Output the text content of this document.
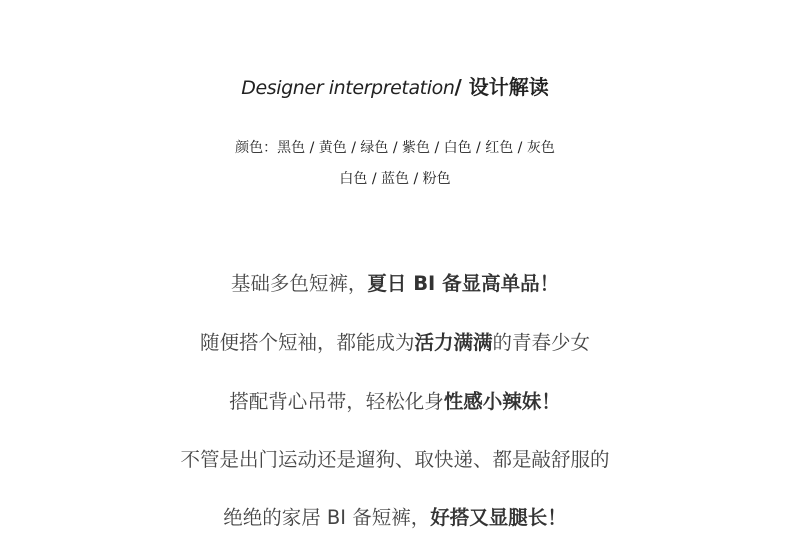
Designer interpretation/ 设计解读
颜色：黑色 / 黄色 / 绿色 / 紫色 / 白色 / 红色 / 灰色
白色 / 蓝色 / 粉色
基础多色短裤，夏日 BI 备显高单品！
随便搭个短袖，都能成为活力满满的青春少女
搭配背心吊带，轻松化身性感小辣妹！
不管是出门运动还是遛狗、取快递、都是敲舒服的
绝绝的家居 BI 备短裤，好搭又显腿长！
